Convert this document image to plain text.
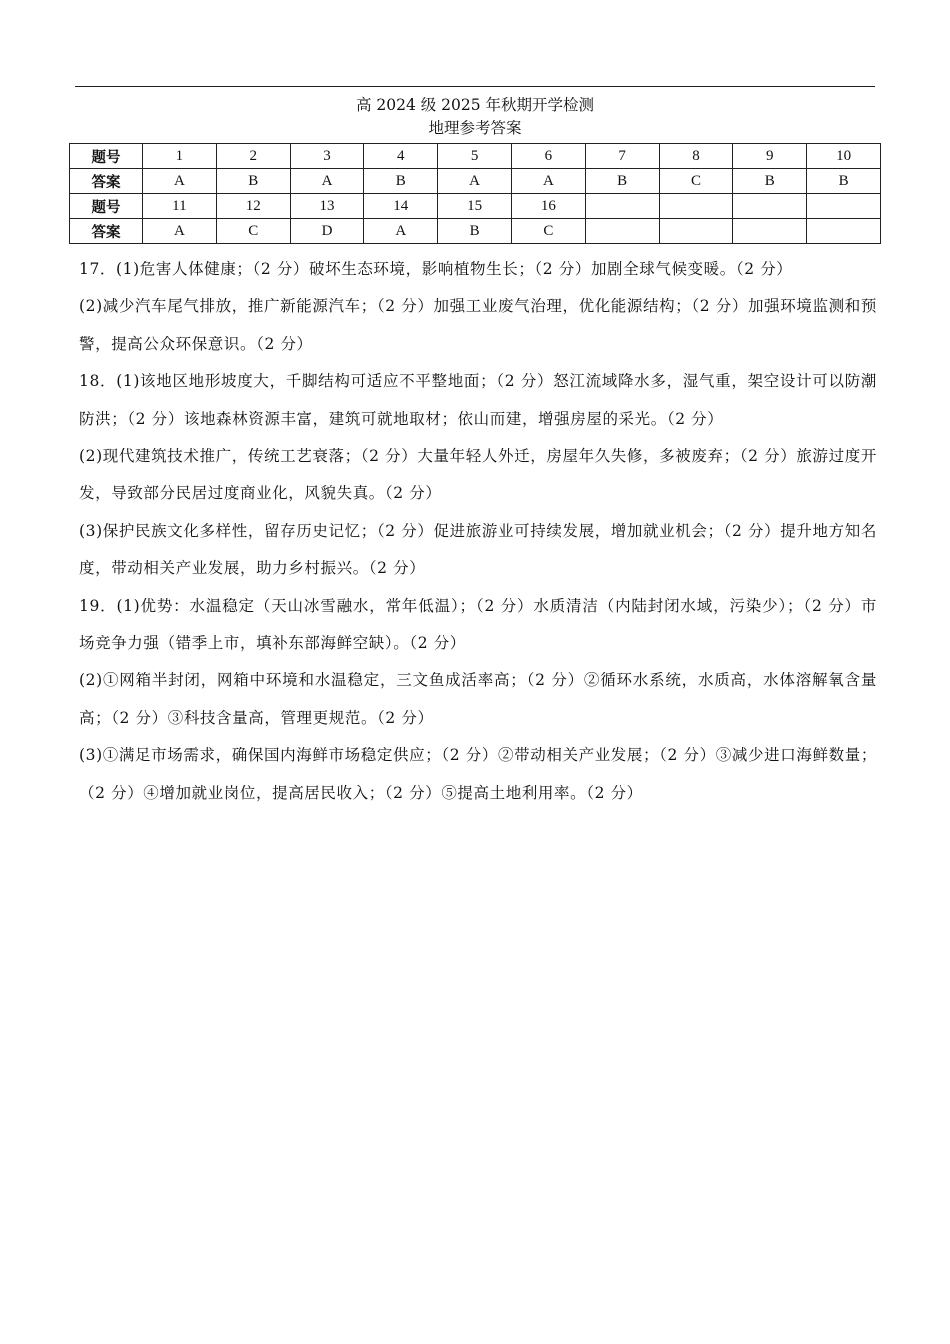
高 2024 级 2025 年秋期开学检测
地理参考答案
题号	1	2	3	4	5	6	7	8	9	10
答案	A	B	A	B	A	A	B	C	B	B
题号	11	12	13	14	15	16				
答案	A	C	D	A	B	C				

17．(1)危害人体健康；（2 分）破坏生态环境，影响植物生长；（2 分）加剧全球气候变暖。（2 分）

(2)减少汽车尾气排放，推广新能源汽车；（2 分）加强工业废气治理，优化能源结构；（2 分）加强环境监测和预警，提高公众环保意识。（2 分）

18．(1)该地区地形坡度大，千脚结构可适应不平整地面；（2 分）怒江流域降水多，湿气重，架空设计可以防潮防洪；（2 分）该地森林资源丰富，建筑可就地取材；依山而建，增强房屋的采光。（2 分）

(2)现代建筑技术推广，传统工艺衰落；（2 分）大量年轻人外迁，房屋年久失修，多被废弃；（2 分）旅游过度开发，导致部分民居过度商业化，风貌失真。（2 分）

(3)保护民族文化多样性，留存历史记忆；（2 分）促进旅游业可持续发展，增加就业机会；（2 分）提升地方知名度，带动相关产业发展，助力乡村振兴。（2 分）

19．(1)优势：水温稳定（天山冰雪融水，常年低温）；（2 分）水质清洁（内陆封闭水域，污染少）；（2 分）市场竞争力强（错季上市，填补东部海鲜空缺）。（2 分）

(2)①网箱半封闭，网箱中环境和水温稳定，三文鱼成活率高；（2 分）②循环水系统，水质高，水体溶解氧含量高；（2 分）③科技含量高，管理更规范。（2 分）

(3)①满足市场需求，确保国内海鲜市场稳定供应；（2 分）②带动相关产业发展；（2 分）③减少进口海鲜数量；（2 分）④增加就业岗位，提高居民收入；（2 分）⑤提高土地利用率。（2 分）
